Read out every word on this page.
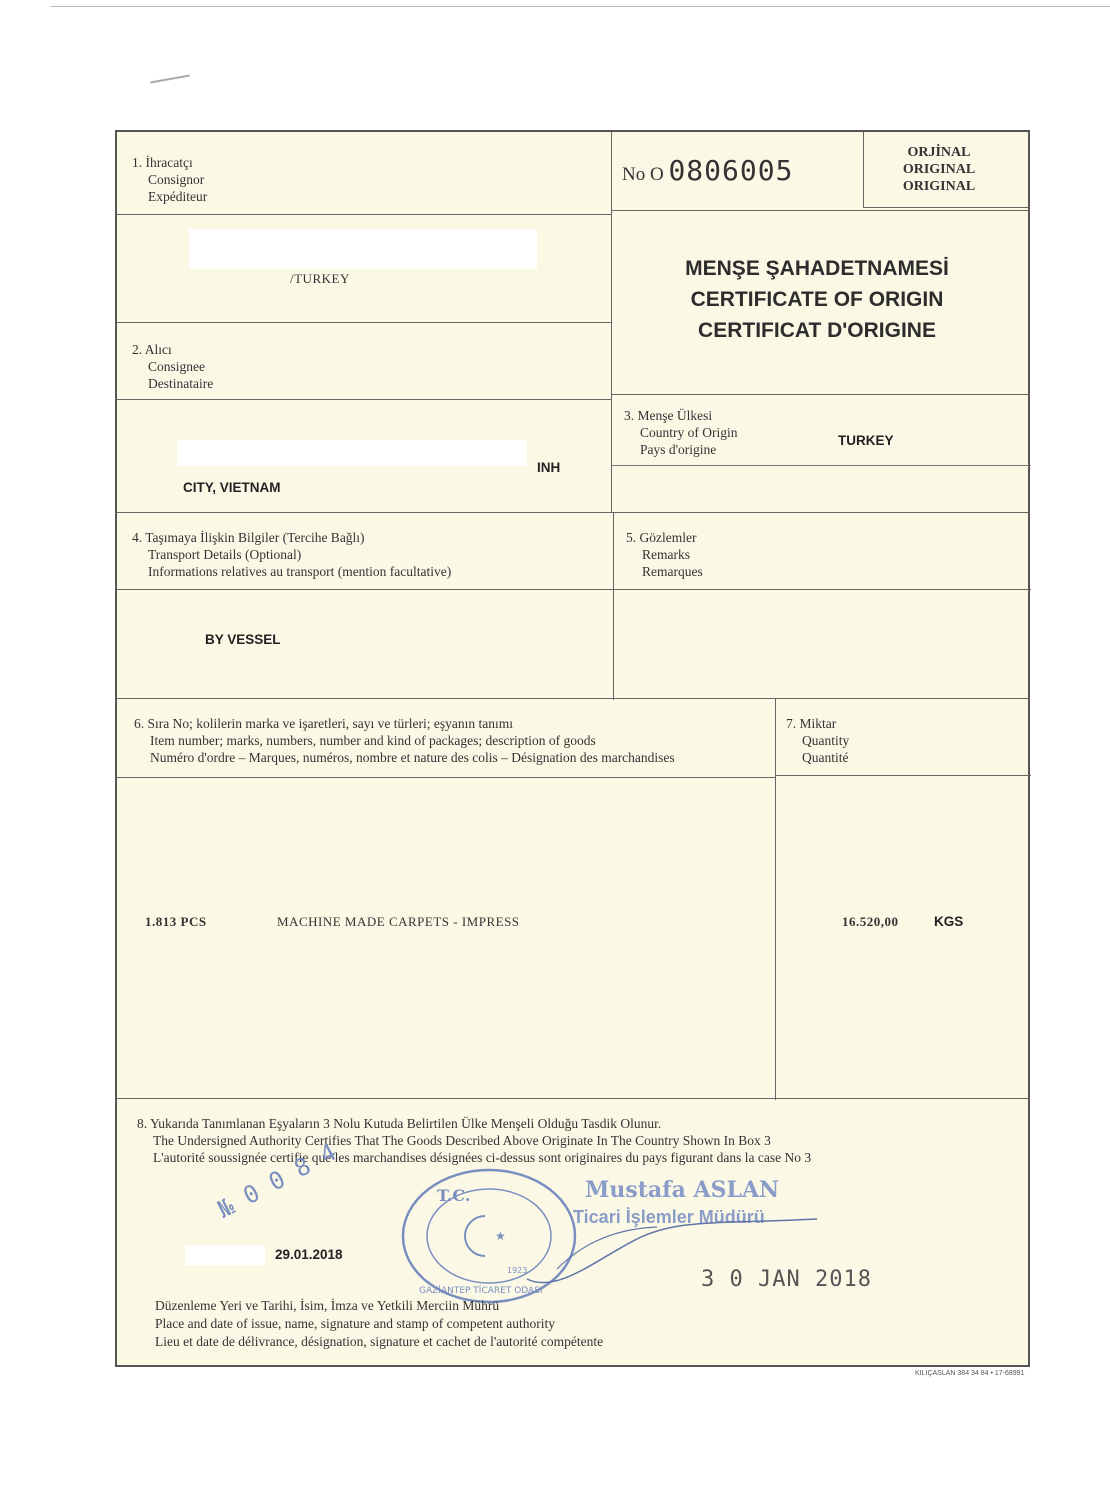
1. İhracatçı
Consignor
Expéditeur
/TURKEY
No O 0806005
ORJİNAL
ORIGINAL
ORIGINAL
MENŞE ŞAHADETNAMESİ
CERTIFICATE OF ORIGIN
CERTIFICAT D'ORIGINE
2. Alıcı
Consignee
Destinataire
CITY, VIETNAM
INH
3. Menşe Ülkesi
Country of Origin
Pays d'origine
TURKEY
4. Taşımaya İlişkin Bilgiler (Tercihe Bağlı)
Transport Details (Optional)
Informations relatives au transport (mention facultative)
BY VESSEL
5. Gözlemler
Remarks
Remarques
6. Sıra No; kolilerin marka ve işaretleri, sayı ve türleri; eşyanın tanımı
Item number; marks, numbers, number and kind of packages; description of goods
Numéro d'ordre – Marques, numéros, nombre et nature des colis – Désignation des marchandises
1.813 PCS	MACHINE MADE CARPETS - IMPRESS
7. Miktar
Quantity
Quantité
16.520,00	KGS
8. Yukarıda Tanımlanan Eşyaların 3 Nolu Kutuda Belirtilen Ülke Menşeli Olduğu Tasdik Olunur.
The Undersigned Authority Certifies That The Goods Described Above Originate In The Country Shown In Box 3
L'autorité soussignée certifie que les marchandises désignées ci-dessus sont originaires du pays figurant dans la case No 3
№ 0 0 8 4
29.01.2018
★
T.C.
GAZİANTEP TİCARET ODASI
1923
Mustafa ASLAN
Ticari İşlemler Müdürü
3 0 JAN 2018
Düzenleme Yeri ve Tarihi, İsim, İmza ve Yetkili Merciin Mührü
Place and date of issue, name, signature and stamp of competent authority
Lieu et date de délivrance, désignation, signature et cachet de l'autorité compétente
KILIÇASLAN 384 34 84 • 17-68991
